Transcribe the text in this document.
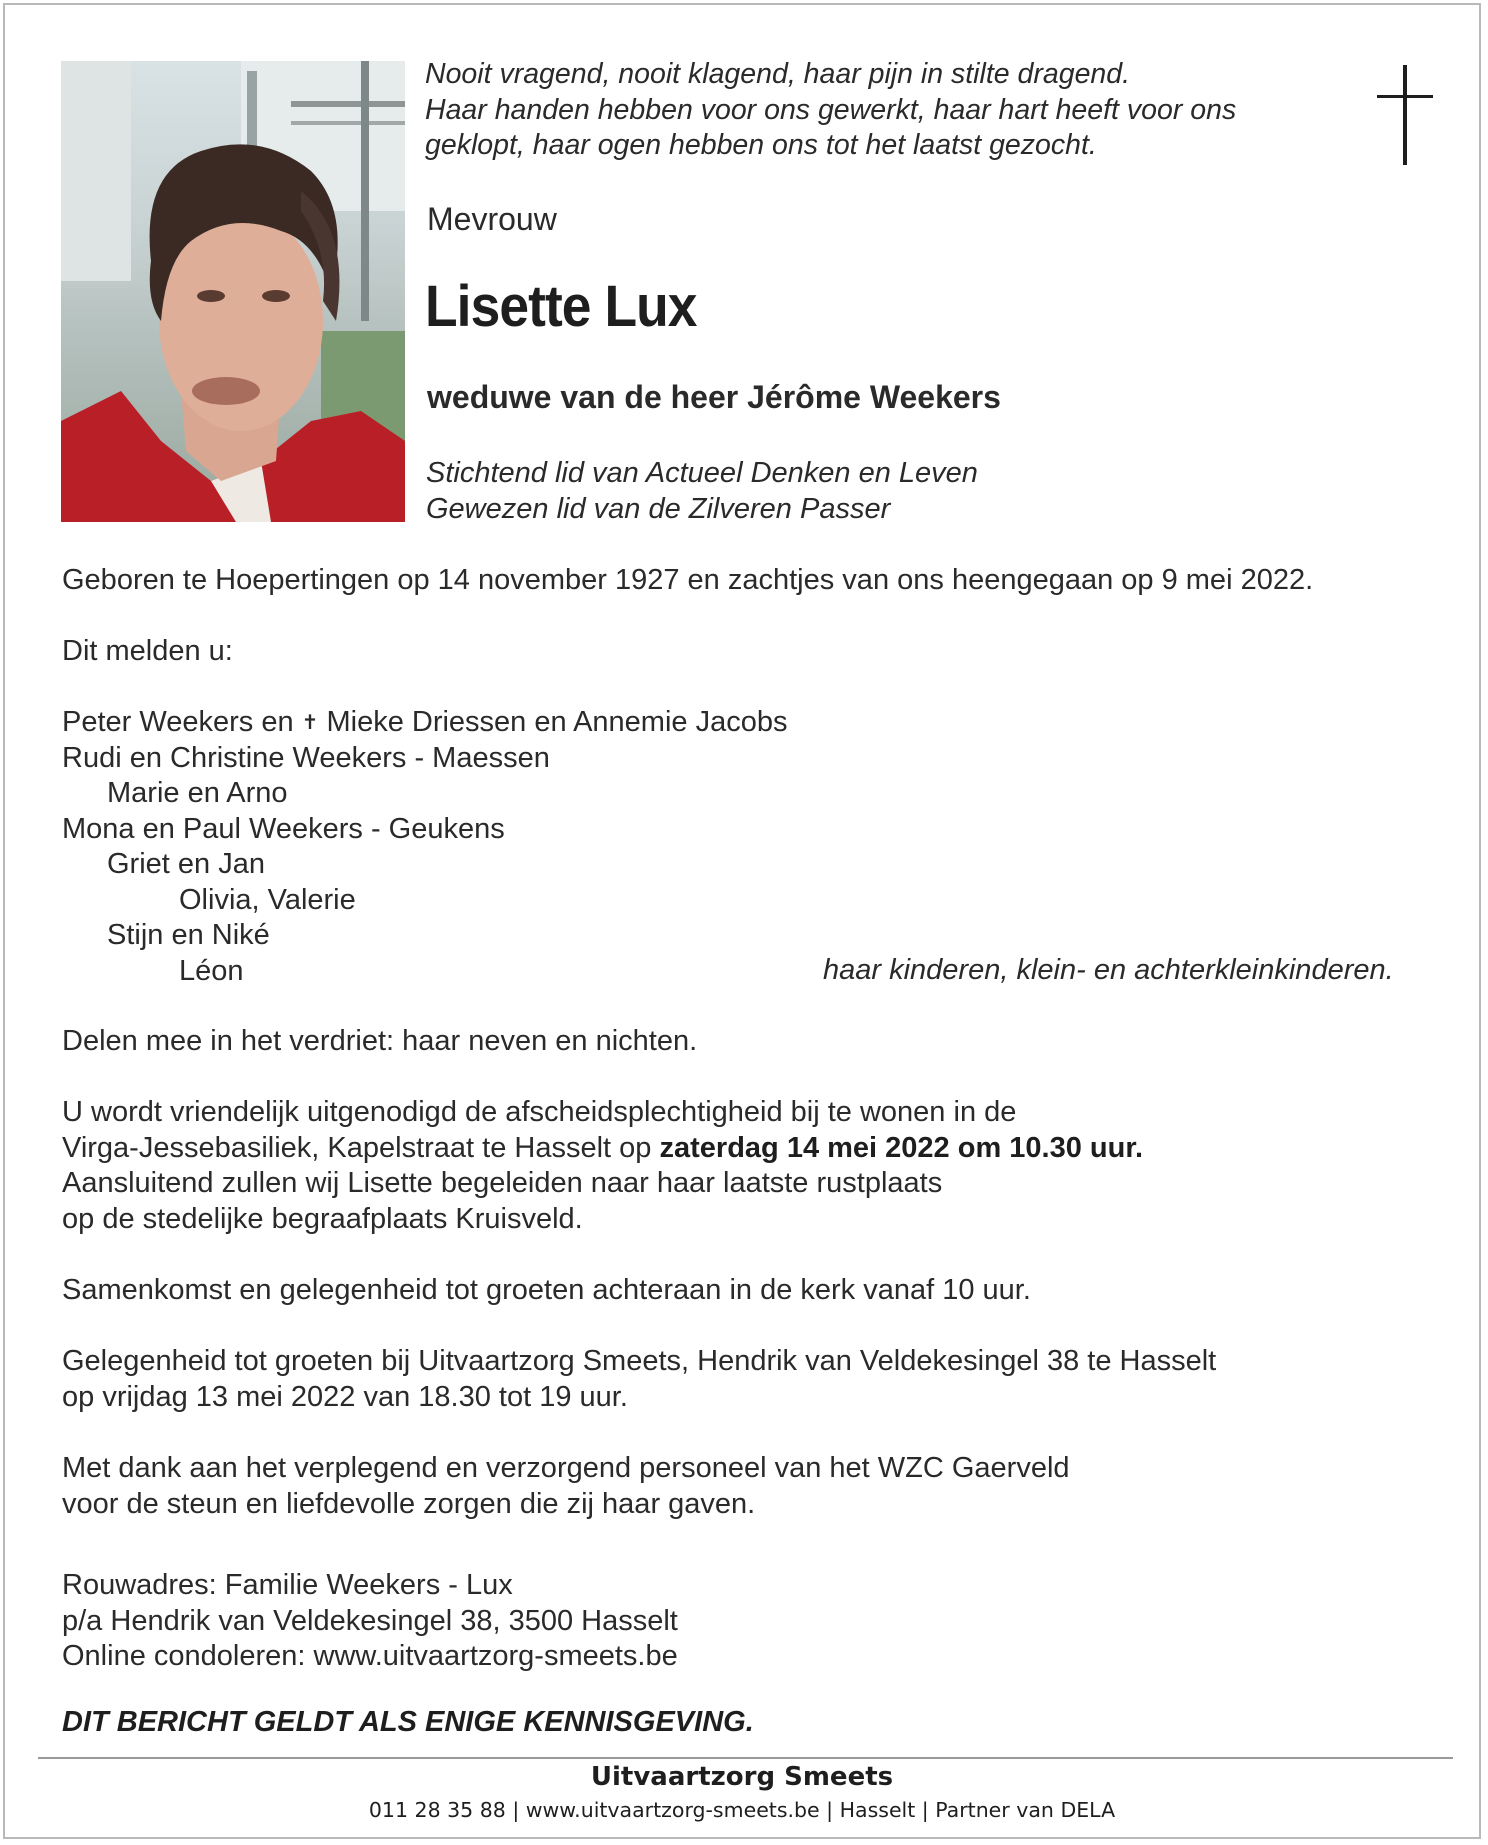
Nooit vragend, nooit klagend, haar pijn in stilte dragend.
Haar handen hebben voor ons gewerkt, haar hart heeft voor ons
geklopt, haar ogen hebben ons tot het laatst gezocht.
Mevrouw
Lisette Lux
weduwe van de heer Jérôme Weekers
Stichtend lid van Actueel Denken en Leven
Gewezen lid van de Zilveren Passer
Geboren te Hoepertingen op 14 november 1927 en zachtjes van ons heengegaan op 9 mei 2022.
Dit melden u:
Peter Weekers en ✝ Mieke Driessen en Annemie Jacobs
Rudi en Christine Weekers - Maessen
Marie en Arno
Mona en Paul Weekers - Geukens
Griet en Jan
Olivia, Valerie
Stijn en Niké
Léon	haar kinderen, klein- en achterkleinkinderen.
Delen mee in het verdriet: haar neven en nichten.
U wordt vriendelijk uitgenodigd de afscheidsplechtigheid bij te wonen in de
Virga-Jessebasiliek, Kapelstraat te Hasselt op zaterdag 14 mei 2022 om 10.30 uur.
Aansluitend zullen wij Lisette begeleiden naar haar laatste rustplaats
op de stedelijke begraafplaats Kruisveld.
Samenkomst en gelegenheid tot groeten achteraan in de kerk vanaf 10 uur.
Gelegenheid tot groeten bij Uitvaartzorg Smeets, Hendrik van Veldekesingel 38 te Hasselt
op vrijdag 13 mei 2022 van 18.30 tot 19 uur.
Met dank aan het verplegend en verzorgend personeel van het WZC Gaerveld
voor de steun en liefdevolle zorgen die zij haar gaven.
Rouwadres: Familie Weekers - Lux
p/a Hendrik van Veldekesingel 38, 3500 Hasselt
Online condoleren: www.uitvaartzorg-smeets.be
DIT BERICHT GELDT ALS ENIGE KENNISGEVING.
Uitvaartzorg Smeets
011 28 35 88 | www.uitvaartzorg-smeets.be | Hasselt | Partner van DELA
